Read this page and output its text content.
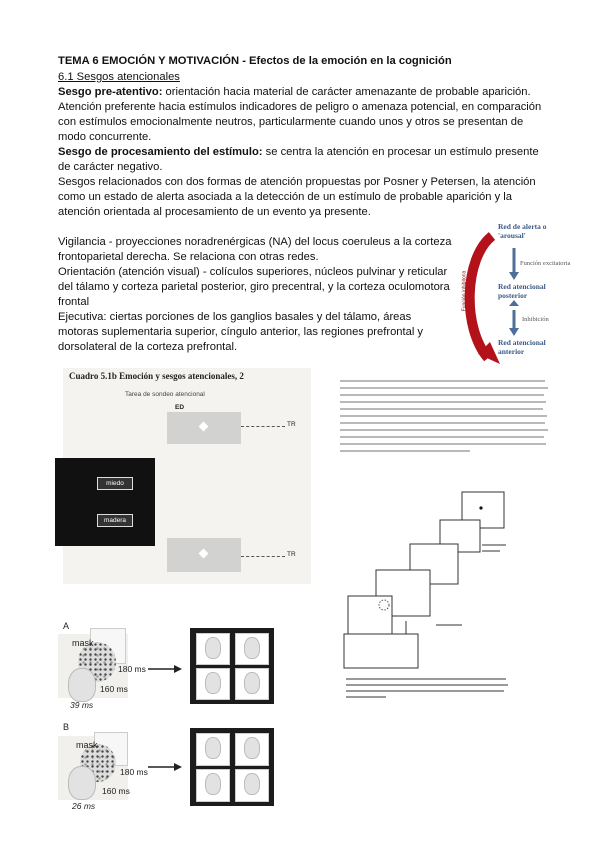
TEMA 6 EMOCIÓN Y MOTIVACIÓN - Efectos de la emoción en la cognición
6.1 Sesgos atencionales
Sesgo pre-atentivo: orientación hacia material de carácter amenazante de probable aparición.
Atención preferente hacia estímulos indicadores de peligro o amenaza potencial, en comparación
con estímulos emocionalmente neutros, particularmente cuando unos y otros se presentan de
modo concurrente.
Sesgo de procesamiento del estímulo: se centra la atención en procesar un estímulo presente
de carácter negativo.
Sesgos relacionados con dos formas de atención propuestas por Posner y Petersen, la atención
como un estado de alerta asociada a la detección de un estímulo de probable aparición y la
atención orientada al procesamiento de un evento ya presente.
Vigilancia - proyecciones noradrenérgicas (NA) del locus coeruleus a la corteza
frontoparietal derecha. Se relaciona con otras redes.
Orientación (atención visual) - colículos superiores, núcleos pulvinar y reticular
del tálamo y corteza parietal posterior, giro precentral, y la corteza oculomotora
frontal
Ejecutiva: ciertas porciones de los ganglios basales y del tálamo, áreas
motoras suplementaria superior, cíngulo anterior, las regiones prefrontal y
dorsolateral de la corteza prefrontal.
Red de alerta o 'arousal'
Función excitatoria
Red atencional posterior
Inhibición
Red atencional anterior
Función inhibitoria
Cuadro 5.1b Emoción y sesgos atencionales, 2
Tarea de sondeo atencional
ED
TR
miedo
madera
TR
A
mask
180 ms
160 ms
39 ms
B
mask
180 ms
160 ms
26 ms
